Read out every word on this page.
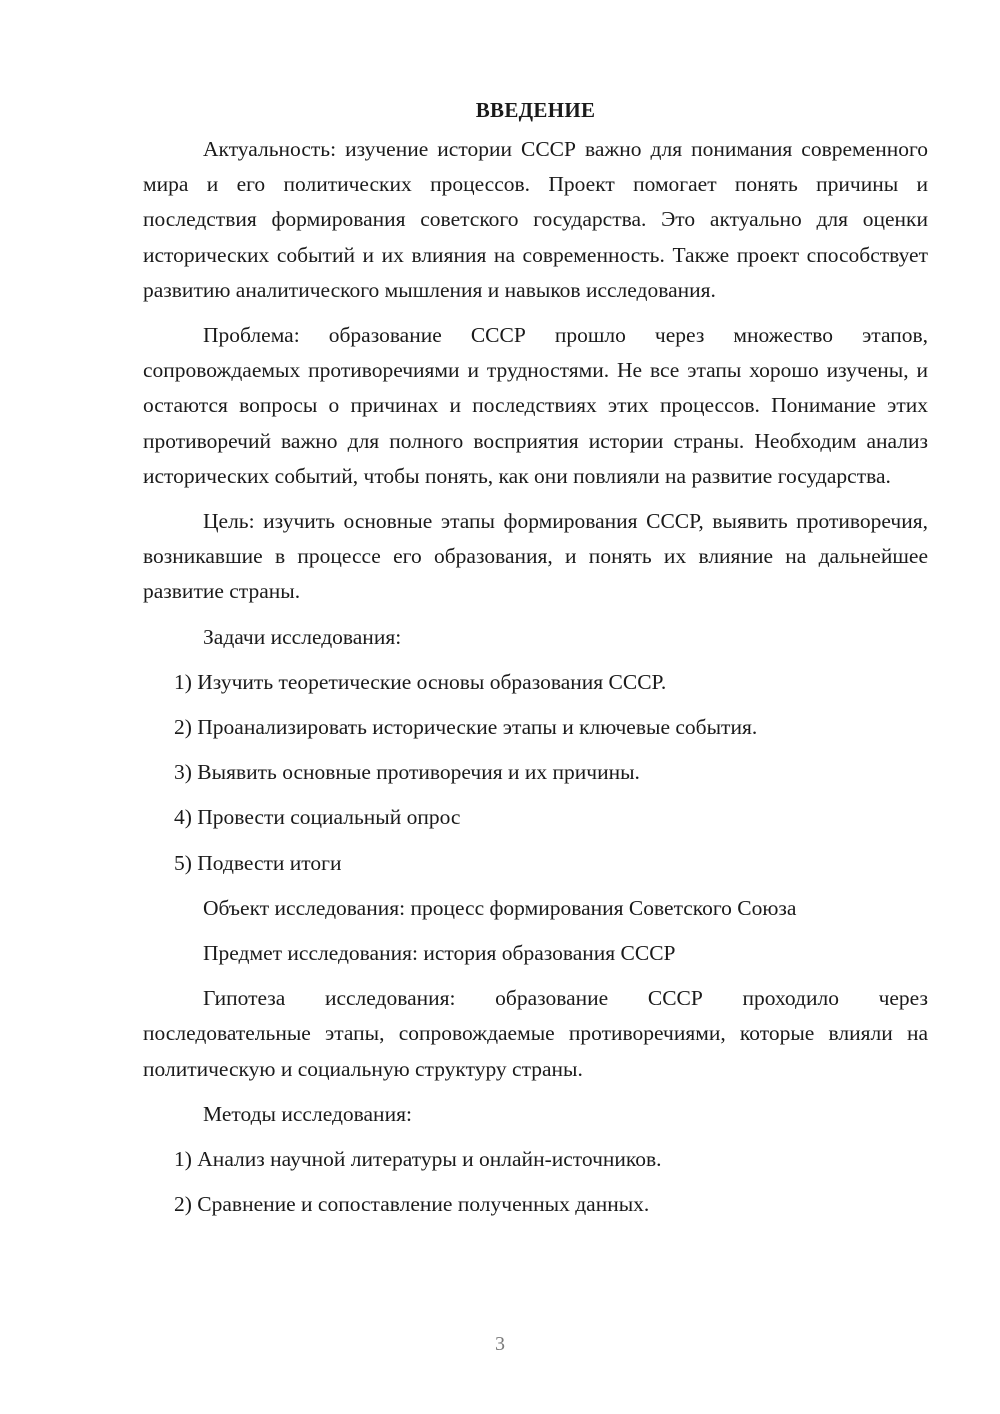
ВВЕДЕНИЕ

Актуальность: изучение истории СССР важно для понимания современного мира и его политических процессов. Проект помогает понять причины и последствия формирования советского государства. Это актуально для оценки исторических событий и их влияния на современность. Также проект способствует развитию аналитического мышления и навыков исследования.

Проблема: образование СССР прошло через множество этапов, сопровождаемых противоречиями и трудностями. Не все этапы хорошо изучены, и остаются вопросы о причинах и последствиях этих процессов. Понимание этих противоречий важно для полного восприятия истории страны. Необходим анализ исторических событий, чтобы понять, как они повлияли на развитие государства.

Цель: изучить основные этапы формирования СССР, выявить противоречия, возникавшие в процессе его образования, и понять их влияние на дальнейшее развитие страны.

Задачи исследования:
1) Изучить теоретические основы образования СССР.
2) Проанализировать исторические этапы и ключевые события.
3) Выявить основные противоречия и их причины.
4) Провести социальный опрос
5) Подвести итоги
Объект исследования: процесс формирования Советского Союза
Предмет исследования: история образования СССР

Гипотеза исследования: образование СССР проходило через последовательные этапы, сопровождаемые противоречиями, которые влияли на политическую и социальную структуру страны.

Методы исследования:
1) Анализ научной литературы и онлайн-источников.
2) Сравнение и сопоставление полученных данных.
3
